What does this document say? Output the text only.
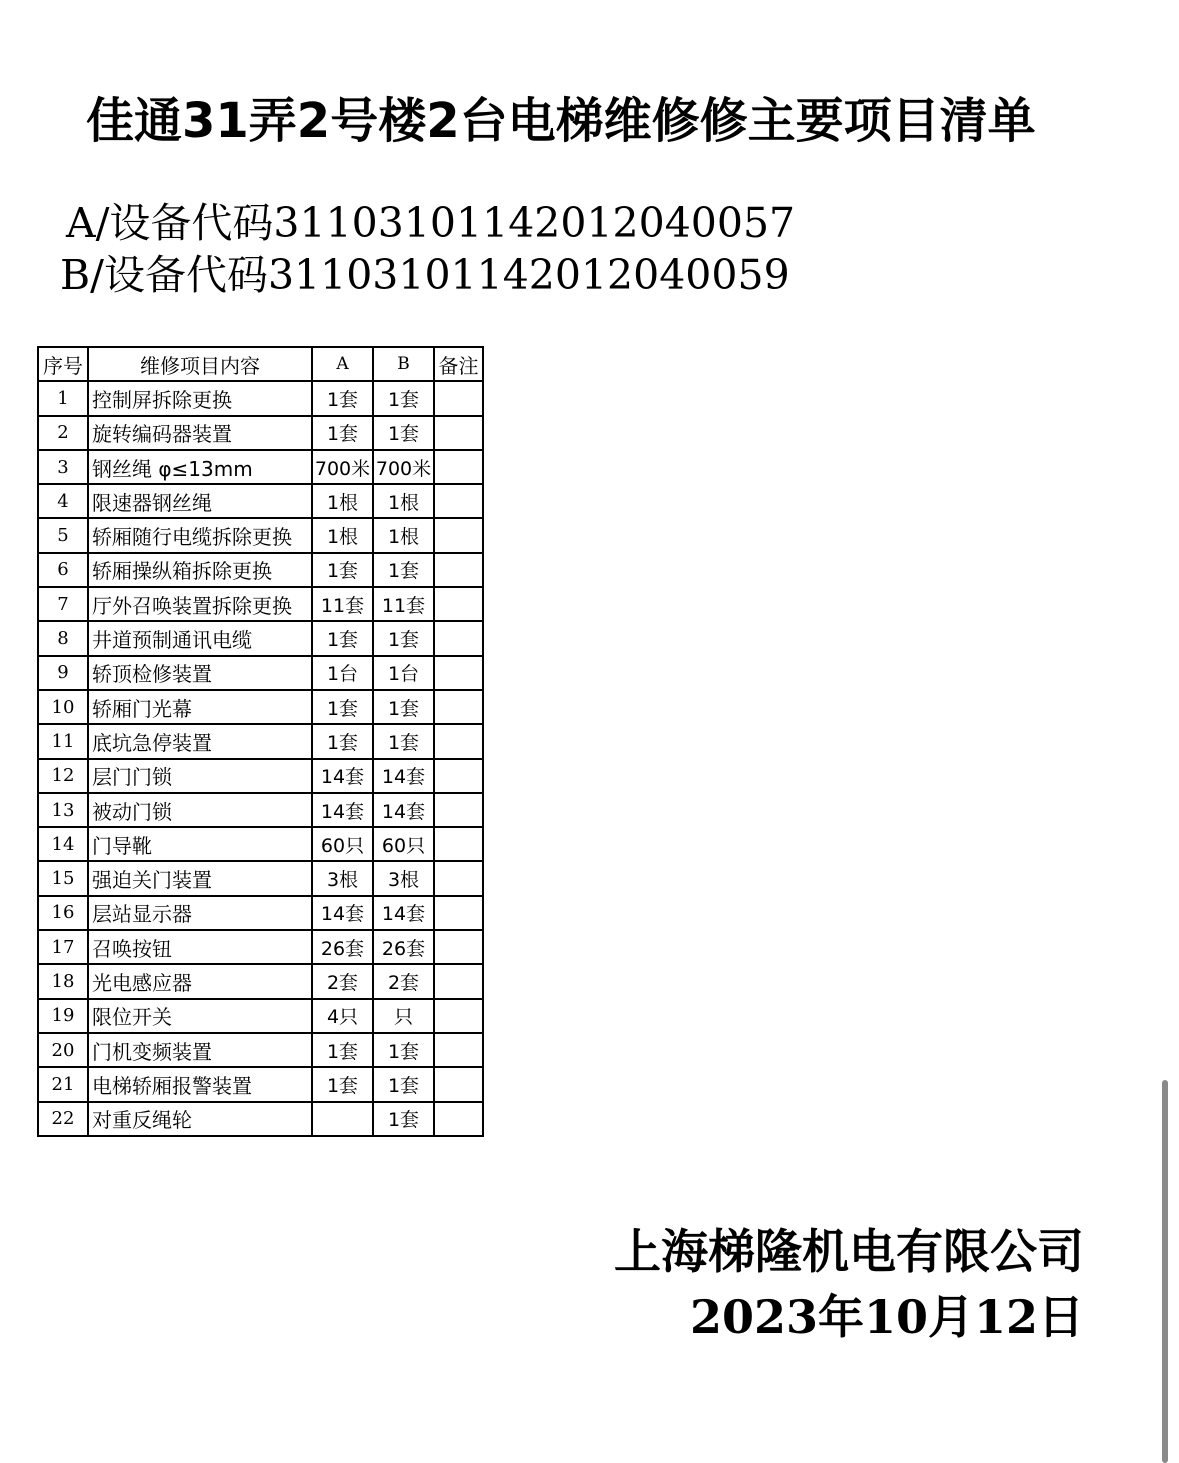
佳通31弄2号楼2台电梯维修修主要项目清单
A/设备代码31103101142012040057
B/设备代码31103101142012040059
序号	维修项目内容	A	B	备注
1	控制屏拆除更换	1套	1套	
2	旋转编码器装置	1套	1套	
3	钢丝绳 φ≤13mm	700米	700米	
4	限速器钢丝绳	1根	1根	
5	轿厢随行电缆拆除更换	1根	1根	
6	轿厢操纵箱拆除更换	1套	1套	
7	厅外召唤装置拆除更换	11套	11套	
8	井道预制通讯电缆	1套	1套	
9	轿顶检修装置	1台	1台	
10	轿厢门光幕	1套	1套	
11	底坑急停装置	1套	1套	
12	层门门锁	14套	14套	
13	被动门锁	14套	14套	
14	门导靴	60只	60只	
15	强迫关门装置	3根	3根	
16	层站显示器	14套	14套	
17	召唤按钮	26套	26套	
18	光电感应器	2套	2套	
19	限位开关	4只	只	
20	门机变频装置	1套	1套	
21	电梯轿厢报警装置	1套	1套	
22	对重反绳轮		1套	
上海梯隆机电有限公司
2023年10月12日
